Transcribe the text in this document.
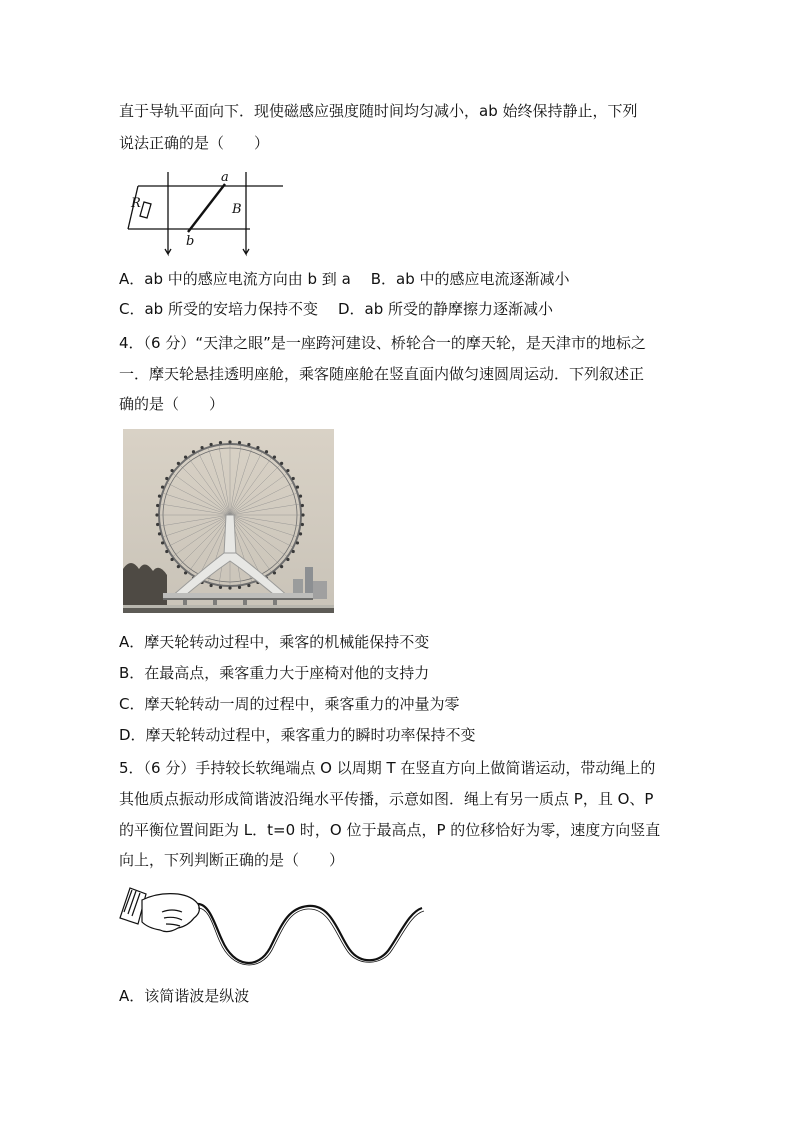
直于导轨平面向下．现使磁感应强度随时间均匀减小，ab 始终保持静止，下列
说法正确的是（　　）
R
a
b
B
A．ab 中的感应电流方向由 b 到 a B．ab 中的感应电流逐渐减小
C．ab 所受的安培力保持不变 D．ab 所受的静摩擦力逐渐减小
4．（6 分）“天津之眼”是一座跨河建设、桥轮合一的摩天轮，是天津市的地标之
一．摩天轮悬挂透明座舱，乘客随座舱在竖直面内做匀速圆周运动．下列叙述正
确的是（　　）
A．摩天轮转动过程中，乘客的机械能保持不变
B．在最高点，乘客重力大于座椅对他的支持力
C．摩天轮转动一周的过程中，乘客重力的冲量为零
D．摩天轮转动过程中，乘客重力的瞬时功率保持不变
5．（6 分）手持较长软绳端点 O 以周期 T 在竖直方向上做简谐运动，带动绳上的
其他质点振动形成简谐波沿绳水平传播，示意如图．绳上有另一质点 P，且 O、P
的平衡位置间距为 L．t=0 时，O 位于最高点，P 的位移恰好为零，速度方向竖直
向上，下列判断正确的是（　　）
A．该简谐波是纵波
